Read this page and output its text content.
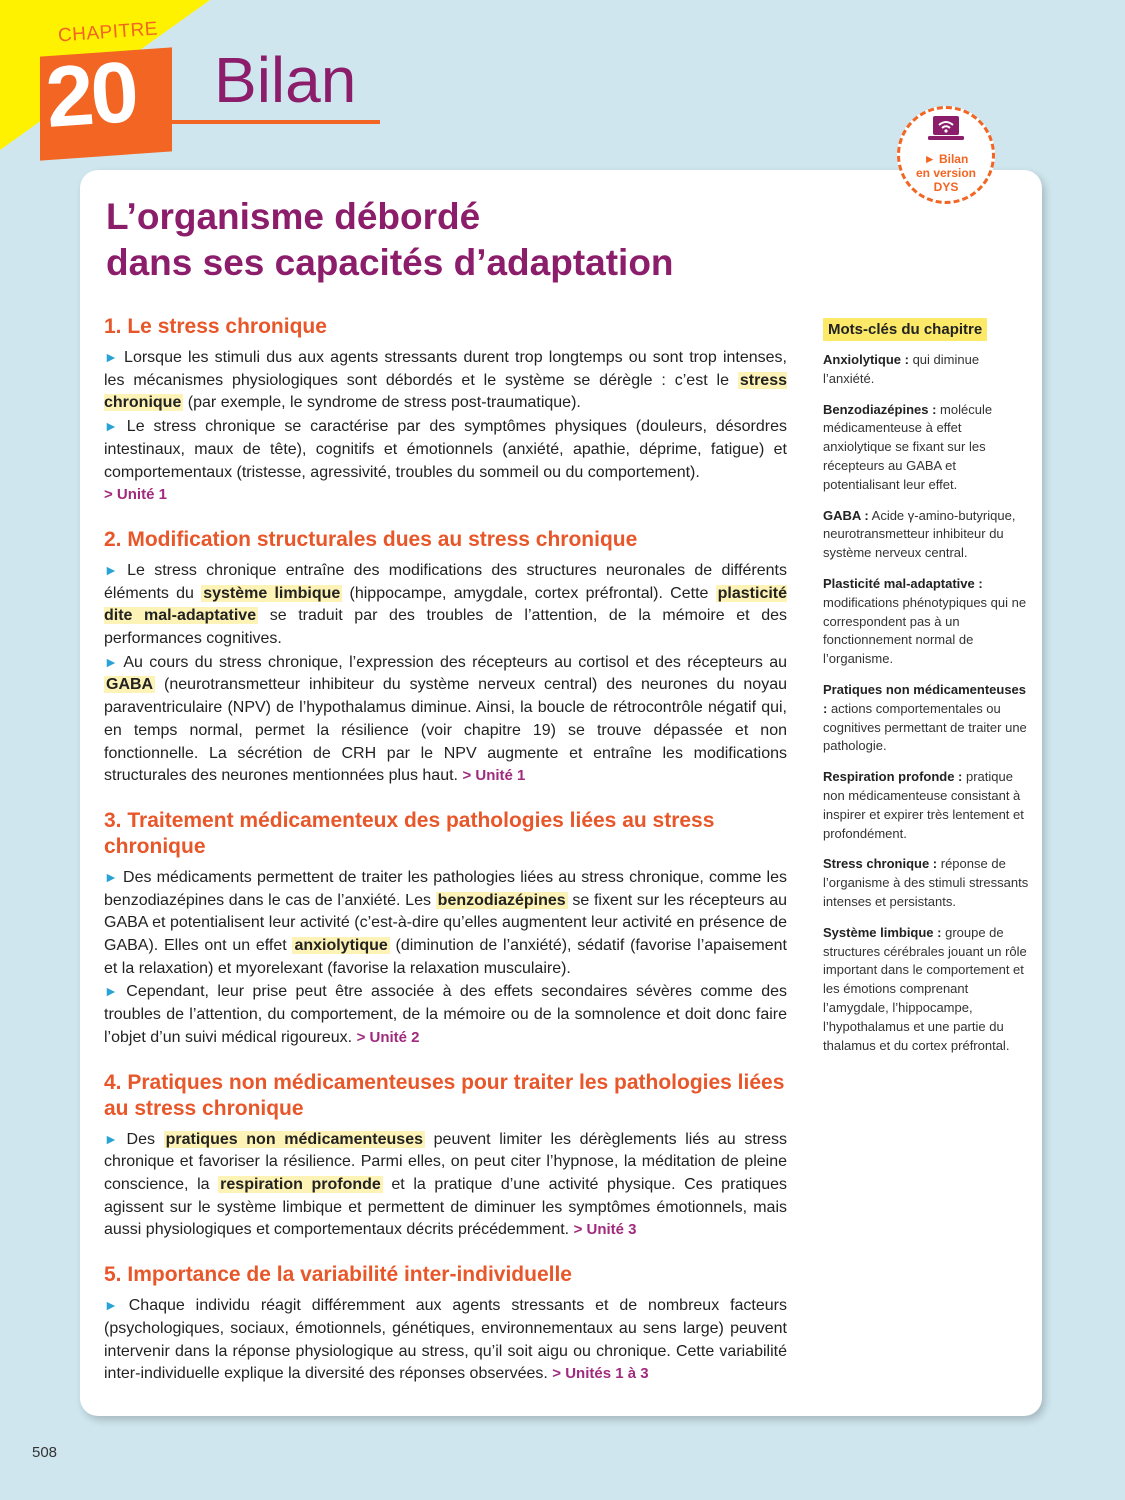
CHAPITRE
20 Bilan
► Bilan
en version
DYS
L’organisme débordé
dans ses capacités d’adaptation
1. Le stress chronique

► Lorsque les stimuli dus aux agents stressants durent trop longtemps ou sont trop intenses, les mécanismes physiologiques sont débordés et le système se dérègle : c’est le stress chronique (par exemple, le syndrome de stress post-traumatique).

► Le stress chronique se caractérise par des symptômes physiques (douleurs, désordres intestinaux, maux de tête), cognitifs et émotionnels (anxiété, apathie, déprime, fatigue) et comportementaux (tristesse, agressivité, troubles du sommeil ou du comportement).
> Unité 1

2. Modification structurales dues au stress chronique

► Le stress chronique entraîne des modifications des structures neuronales de différents éléments du système limbique (hippocampe, amygdale, cortex préfrontal). Cette plasticité dite mal-adaptative se traduit par des troubles de l’attention, de la mémoire et des performances cognitives.

► Au cours du stress chronique, l’expression des récepteurs au cortisol et des récepteurs au GABA (neurotransmetteur inhibiteur du système nerveux central) des neurones du noyau paraventriculaire (NPV) de l’hypothalamus diminue. Ainsi, la boucle de rétrocontrôle négatif qui, en temps normal, permet la résilience (voir chapitre 19) se trouve dépassée et non fonctionnelle. La sécrétion de CRH par le NPV augmente et entraîne les modifications structurales des neurones mentionnées plus haut. > Unité 1

3. Traitement médicamenteux des pathologies liées au stress chronique

► Des médicaments permettent de traiter les pathologies liées au stress chronique, comme les benzodiazépines dans le cas de l’anxiété. Les benzodiazépines se fixent sur les récepteurs au GABA et potentialisent leur activité (c’est-à-dire qu’elles augmentent leur activité en présence de GABA). Elles ont un effet anxiolytique (diminution de l’anxiété), sédatif (favorise l’apaisement et la relaxation) et myorelexant (favorise la relaxation musculaire).

► Cependant, leur prise peut être associée à des effets secondaires sévères comme des troubles de l’attention, du comportement, de la mémoire ou de la somnolence et doit donc faire l’objet d’un suivi médical rigoureux. > Unité 2

4. Pratiques non médicamenteuses pour traiter les pathologies liées au stress chronique

► Des pratiques non médicamenteuses peuvent limiter les dérèglements liés au stress chronique et favoriser la résilience. Parmi elles, on peut citer l’hypnose, la méditation de pleine conscience, la respiration profonde et la pratique d’une activité physique. Ces pratiques agissent sur le système limbique et permettent de diminuer les symptômes émotionnels, mais aussi physiologiques et comportementaux décrits précédemment. > Unité 3

5. Importance de la variabilité inter-individuelle

► Chaque individu réagit différemment aux agents stressants et de nombreux facteurs (psychologiques, sociaux, émotionnels, génétiques, environnementaux au sens large) peuvent intervenir dans la réponse physiologique au stress, qu’il soit aigu ou chronique. Cette variabilité inter-individuelle explique la diversité des réponses observées. > Unités 1 à 3

Mots-clés du chapitre

Anxiolytique : qui diminue l’anxiété.

Benzodiazépines : molécule médicamenteuse à effet anxiolytique se fixant sur les récepteurs au GABA et potentialisant leur effet.

GABA : Acide γ-amino-butyrique, neurotransmetteur inhibiteur du système nerveux central.

Plasticité mal-adaptative : modifications phénotypiques qui ne correspondent pas à un fonctionnement normal de l’organisme.

Pratiques non médicamenteuses : actions comportementales ou cognitives permettant de traiter une pathologie.

Respiration profonde : pratique non médicamenteuse consistant à inspirer et expirer très lentement et profondément.

Stress chronique : réponse de l’organisme à des stimuli stressants intenses et persistants.

Système limbique : groupe de structures cérébrales jouant un rôle important dans le comportement et les émotions comprenant l’amygdale, l’hippocampe, l’hypothalamus et une partie du thalamus et du cortex préfrontal.

508
